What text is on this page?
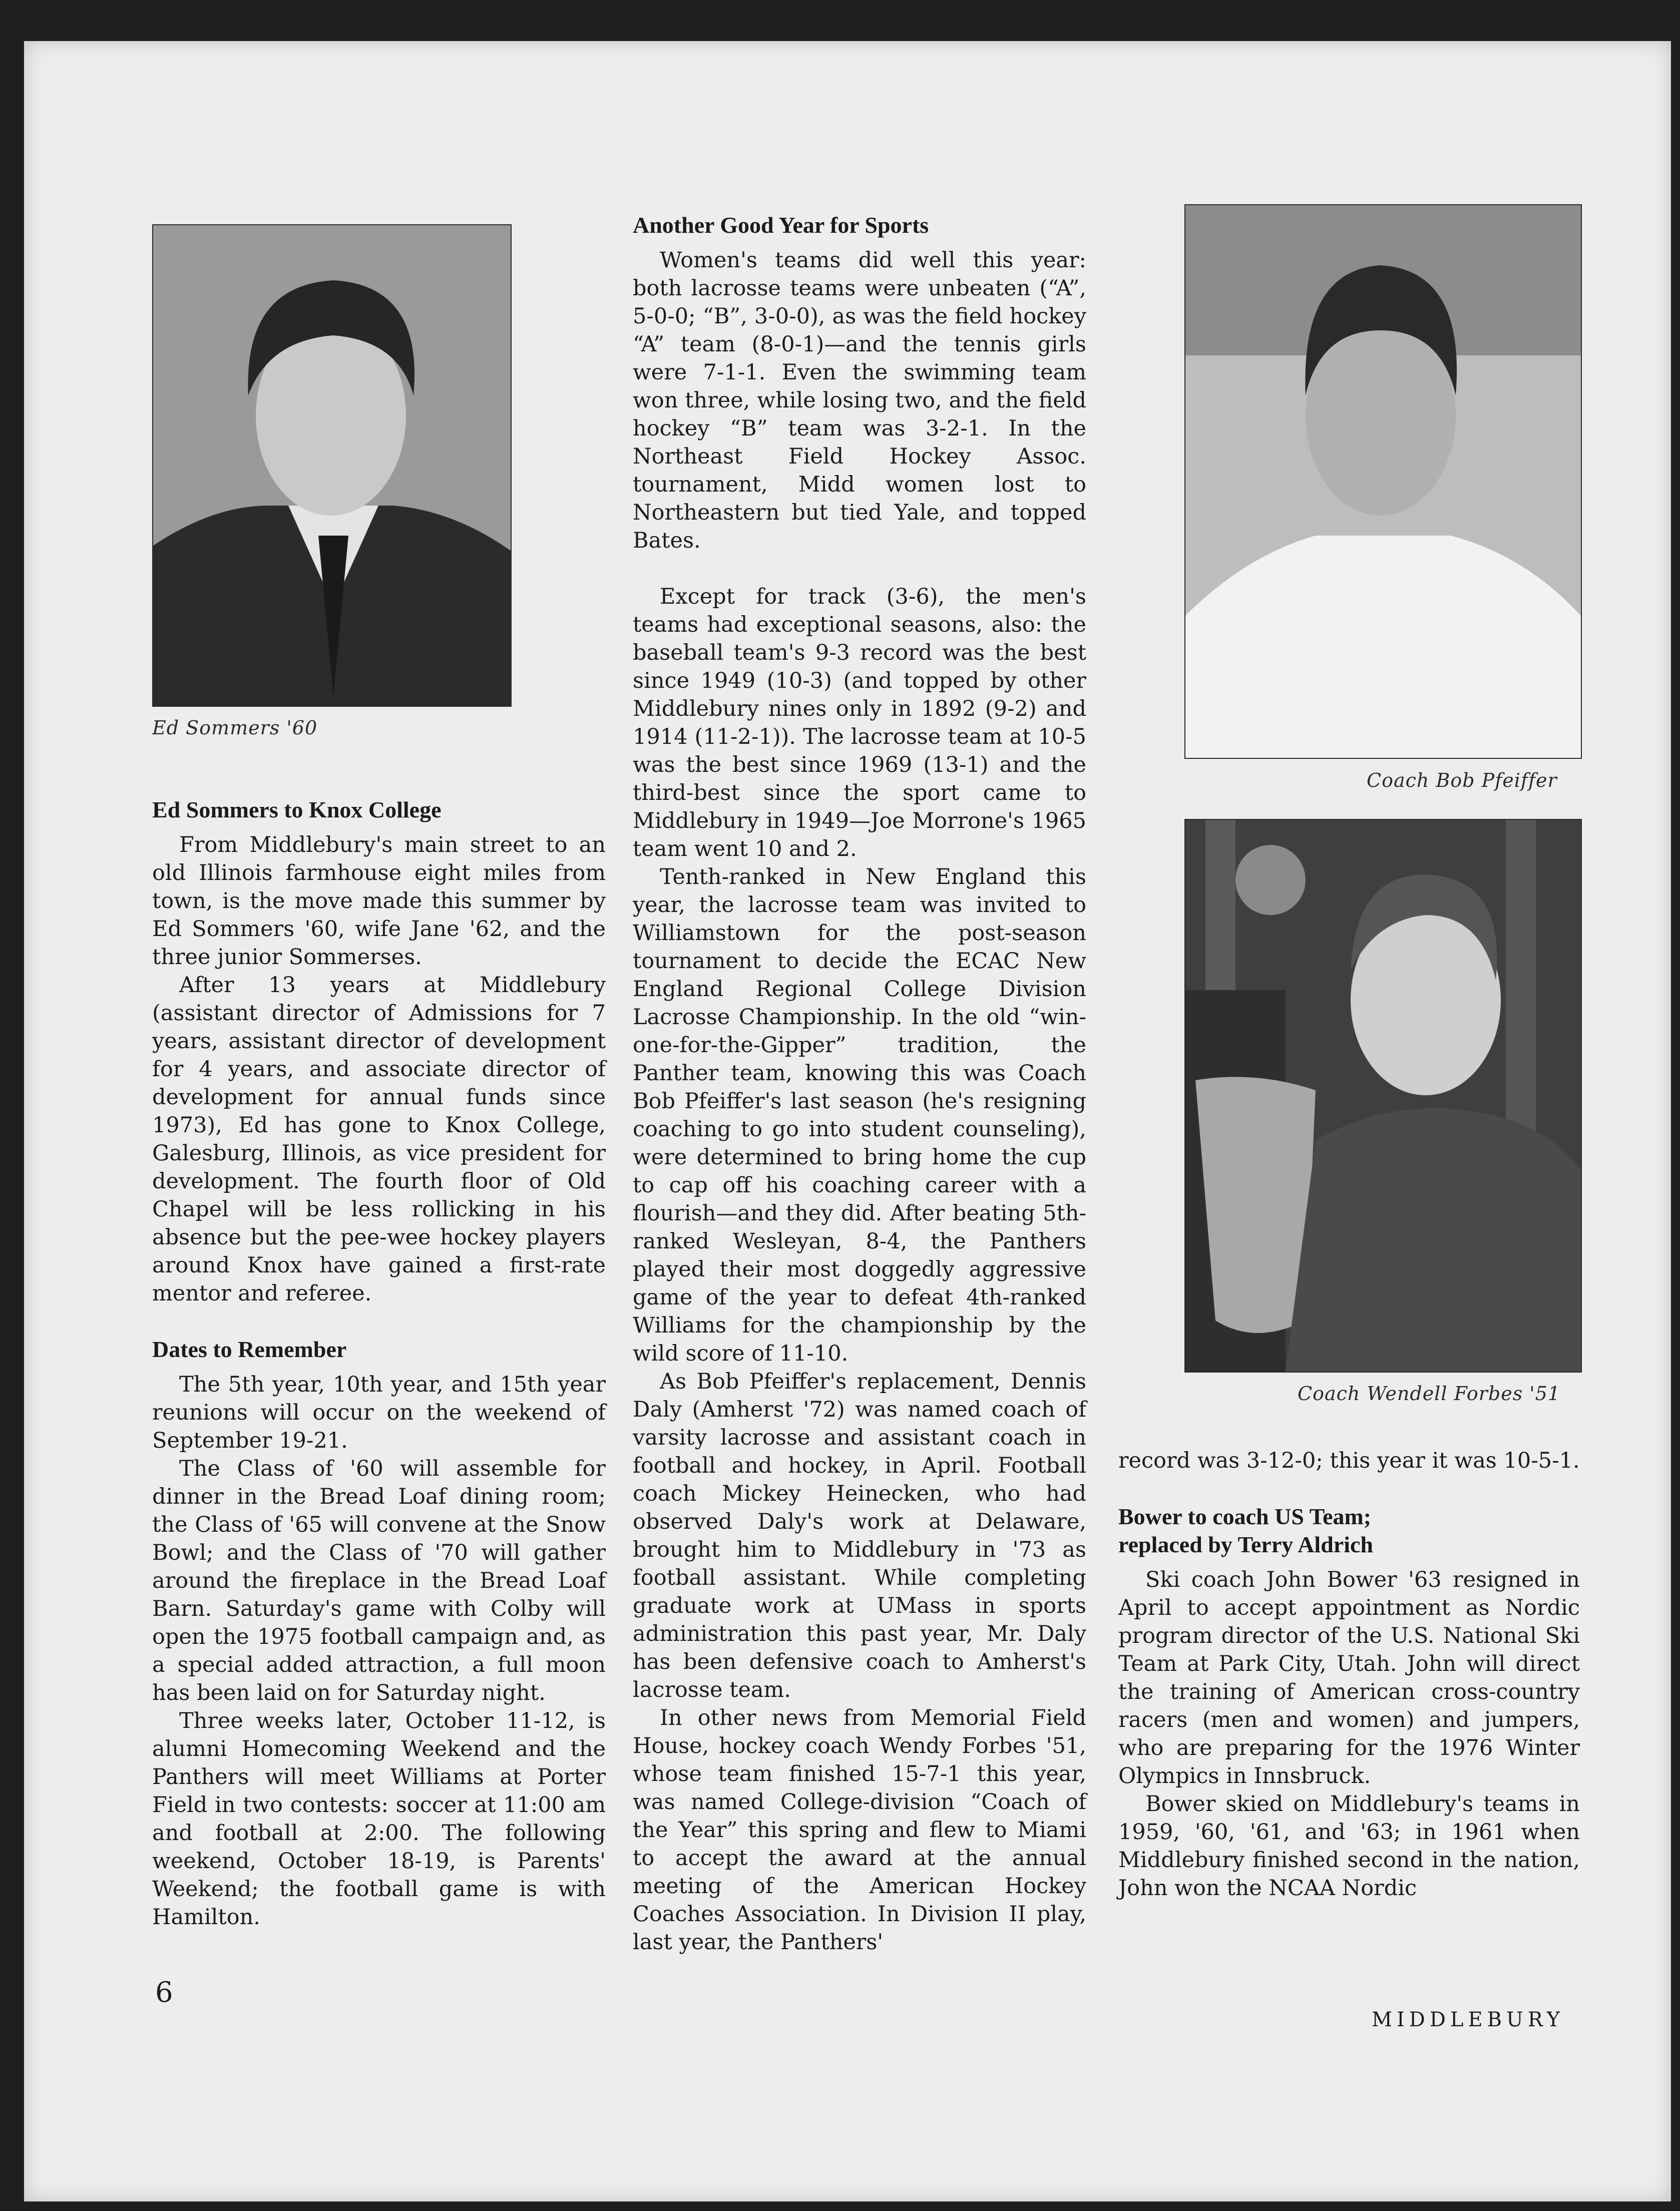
Ed Sommers '60
Coach Bob Pfeiffer
Coach Wendell Forbes '51
Ed Sommers to Knox College

From Middlebury's main street to an old Illinois farmhouse eight miles from town, is the move made this summer by Ed Sommers '60, wife Jane '62, and the three junior Sommerses.

After 13 years at Middlebury (assistant director of Admissions for 7 years, assistant director of development for 4 years, and associate director of development for annual funds since 1973), Ed has gone to Knox College, Galesburg, Illinois, as vice president for development. The fourth floor of Old Chapel will be less rollicking in his absence but the pee-wee hockey players around Knox have gained a first-rate mentor and referee.

Dates to Remember

The 5th year, 10th year, and 15th year reunions will occur on the weekend of September 19-21.

The Class of '60 will assemble for dinner in the Bread Loaf dining room; the Class of '65 will convene at the Snow Bowl; and the Class of '70 will gather around the fireplace in the Bread Loaf Barn. Saturday's game with Colby will open the 1975 football campaign and, as a special added attraction, a full moon has been laid on for Saturday night.

Three weeks later, October 11-12, is alumni Homecoming Weekend and the Panthers will meet Williams at Porter Field in two contests: soccer at 11:00 am and football at 2:00. The following weekend, October 18-19, is Parents' Weekend; the football game is with Hamilton.

Another Good Year for Sports

Women's teams did well this year: both lacrosse teams were unbeaten (“A”, 5-0-0; “B”, 3-0-0), as was the field hockey “A” team (8-0-1)—and the tennis girls were 7-1-1. Even the swimming team won three, while losing two, and the field hockey “B” team was 3-2-1. In the Northeast Field Hockey Assoc. tournament, Midd women lost to Northeastern but tied Yale, and topped Bates.

Except for track (3-6), the men's teams had exceptional seasons, also: the baseball team's 9-3 record was the best since 1949 (10-3) (and topped by other Middlebury nines only in 1892 (9-2) and 1914 (11-2-1)). The lacrosse team at 10-5 was the best since 1969 (13-1) and the third-best since the sport came to Middlebury in 1949—Joe Morrone's 1965 team went 10 and 2.

Tenth-ranked in New England this year, the lacrosse team was invited to Williamstown for the post-season tournament to decide the ECAC New England Regional College Division Lacrosse Championship. In the old “win-one-for-the-Gipper” tradition, the Panther team, knowing this was Coach Bob Pfeiffer's last season (he's resigning coaching to go into student counseling), were determined to bring home the cup to cap off his coaching career with a flourish—and they did. After beating 5th-ranked Wesleyan, 8-4, the Panthers played their most doggedly aggressive game of the year to defeat 4th-ranked Williams for the championship by the wild score of 11-10.

As Bob Pfeiffer's replacement, Dennis Daly (Amherst '72) was named coach of varsity lacrosse and assistant coach in football and hockey, in April. Football coach Mickey Heinecken, who had observed Daly's work at Delaware, brought him to Middlebury in '73 as football assistant. While completing graduate work at UMass in sports administration this past year, Mr. Daly has been defensive coach to Amherst's lacrosse team.

In other news from Memorial Field House, hockey coach Wendy Forbes '51, whose team finished 15-7-1 this year, was named College-division “Coach of the Year” this spring and flew to Miami to accept the award at the annual meeting of the American Hockey Coaches Association. In Division II play, last year, the Panthers'

record was 3-12-0; this year it was 10-5-1.

Bower to coach US Team;
replaced by Terry Aldrich

Ski coach John Bower '63 resigned in April to accept appointment as Nordic program director of the U.S. National Ski Team at Park City, Utah. John will direct the training of American cross-country racers (men and women) and jumpers, who are preparing for the 1976 Winter Olympics in Innsbruck.

Bower skied on Middlebury's teams in 1959, '60, '61, and '63; in 1961 when Middlebury finished second in the nation, John won the NCAA Nordic

6
MIDDLEBURY
